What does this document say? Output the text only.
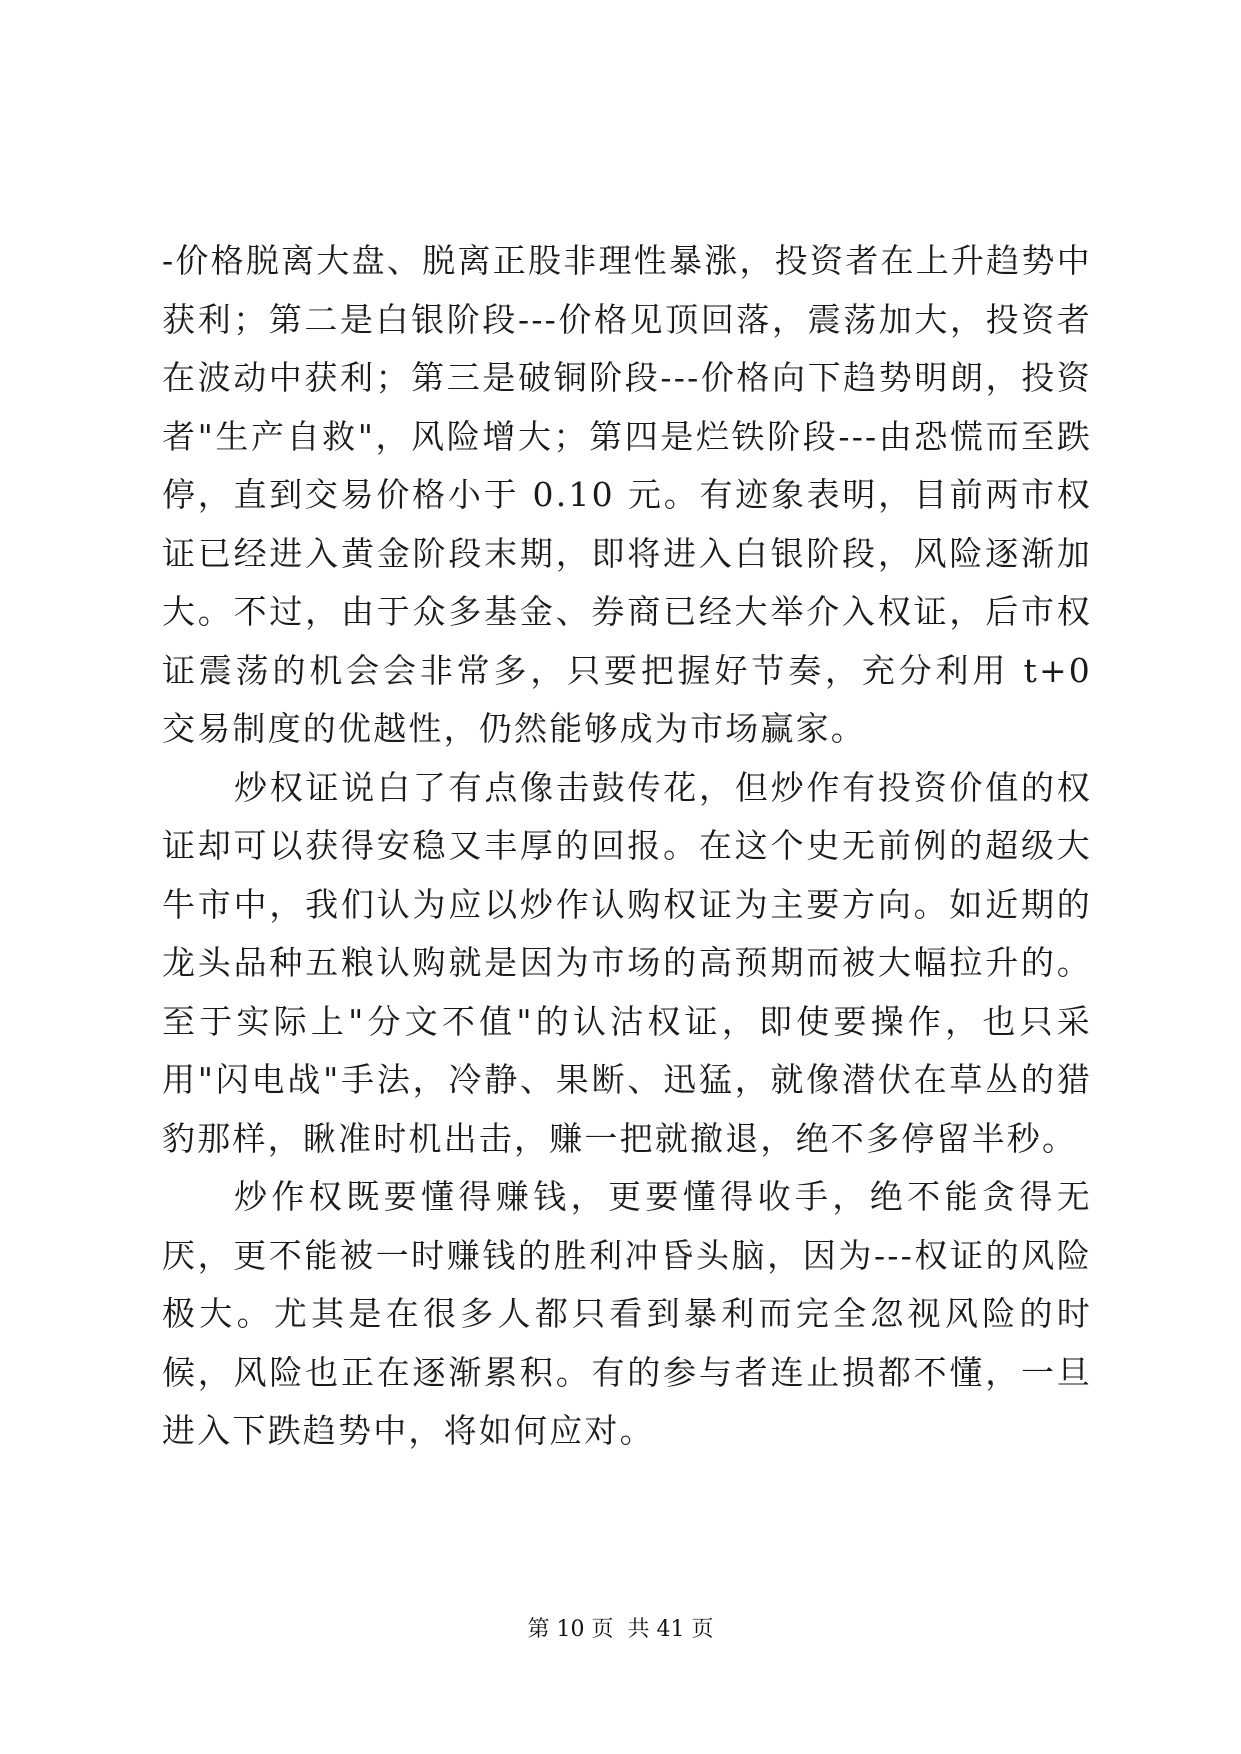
-价格脱离大盘、脱离正股非理性暴涨，投资者在上升趋势中获利；第二是白银阶段---价格见顶回落，震荡加大，投资者在波动中获利；第三是破铜阶段---价格向下趋势明朗，投资者"生产自救"，风险增大；第四是烂铁阶段---由恐慌而至跌停，直到交易价格小于 0.10 元。有迹象表明，目前两市权证已经进入黄金阶段末期，即将进入白银阶段，风险逐渐加大。不过，由于众多基金、券商已经大举介入权证，后市权证震荡的机会会非常多，只要把握好节奏，充分利用 t+0 交易制度的优越性，仍然能够成为市场赢家。

炒权证说白了有点像击鼓传花，但炒作有投资价值的权证却可以获得安稳又丰厚的回报。在这个史无前例的超级大牛市中，我们认为应以炒作认购权证为主要方向。如近期的龙头品种五粮认购就是因为市场的高预期而被大幅拉升的。至于实际上"分文不值"的认沽权证，即使要操作，也只采用"闪电战"手法，冷静、果断、迅猛，就像潜伏在草丛的猎豹那样，瞅准时机出击，赚一把就撤退，绝不多停留半秒。

炒作权既要懂得赚钱，更要懂得收手，绝不能贪得无厌，更不能被一时赚钱的胜利冲昏头脑，因为---权证的风险极大。尤其是在很多人都只看到暴利而完全忽视风险的时候，风险也正在逐渐累积。有的参与者连止损都不懂，一旦进入下跌趋势中，将如何应对。

第 10 页  共 41 页
